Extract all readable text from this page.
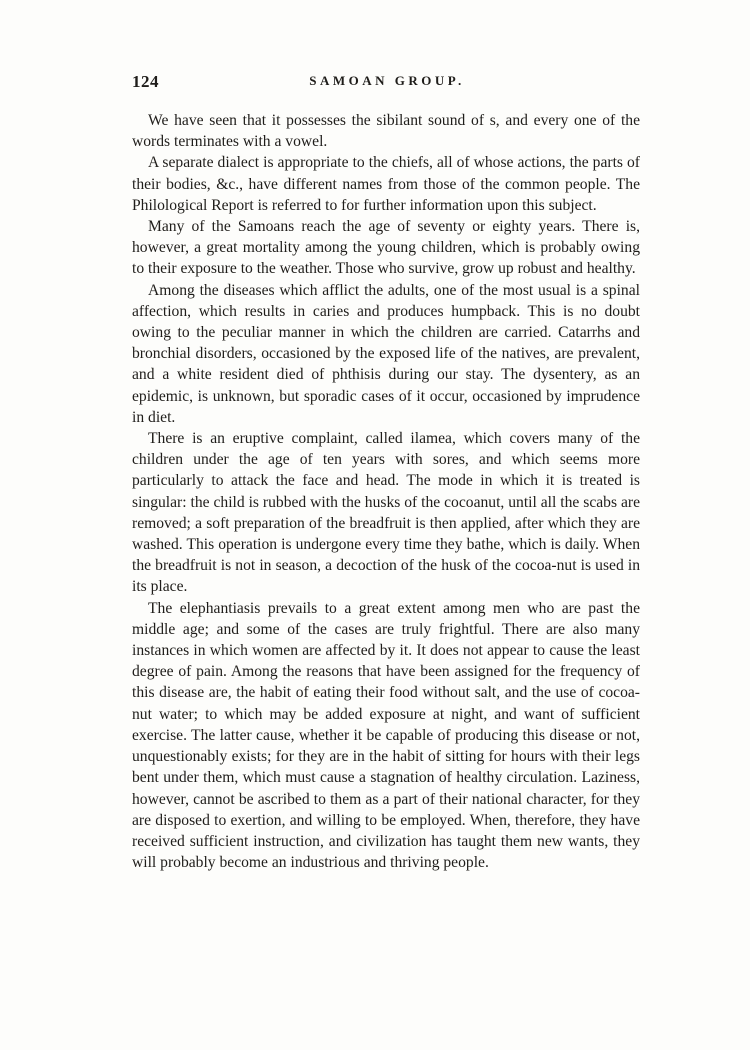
124	SAMOAN GROUP.

We have seen that it possesses the sibilant sound of s, and every one of the words terminates with a vowel.

A separate dialect is appropriate to the chiefs, all of whose actions, the parts of their bodies, &c., have different names from those of the common people. The Philological Report is referred to for further information upon this subject.

Many of the Samoans reach the age of seventy or eighty years. There is, however, a great mortality among the young children, which is probably owing to their exposure to the weather. Those who survive, grow up robust and healthy.

Among the diseases which afflict the adults, one of the most usual is a spinal affection, which results in caries and produces humpback. This is no doubt owing to the peculiar manner in which the children are carried. Catarrhs and bronchial disorders, occasioned by the exposed life of the natives, are prevalent, and a white resident died of phthisis during our stay. The dysentery, as an epidemic, is unknown, but sporadic cases of it occur, occasioned by imprudence in diet.

There is an eruptive complaint, called ilamea, which covers many of the children under the age of ten years with sores, and which seems more particularly to attack the face and head. The mode in which it is treated is singular: the child is rubbed with the husks of the cocoanut, until all the scabs are removed; a soft preparation of the breadfruit is then applied, after which they are washed. This operation is undergone every time they bathe, which is daily. When the breadfruit is not in season, a decoction of the husk of the cocoa-nut is used in its place.

The elephantiasis prevails to a great extent among men who are past the middle age; and some of the cases are truly frightful. There are also many instances in which women are affected by it. It does not appear to cause the least degree of pain. Among the reasons that have been assigned for the frequency of this disease are, the habit of eating their food without salt, and the use of cocoa-nut water; to which may be added exposure at night, and want of sufficient exercise. The latter cause, whether it be capable of producing this disease or not, unquestionably exists; for they are in the habit of sitting for hours with their legs bent under them, which must cause a stagnation of healthy circulation. Laziness, however, cannot be ascribed to them as a part of their national character, for they are disposed to exertion, and willing to be employed. When, therefore, they have received sufficient instruction, and civilization has taught them new wants, they will probably become an industrious and thriving people.
